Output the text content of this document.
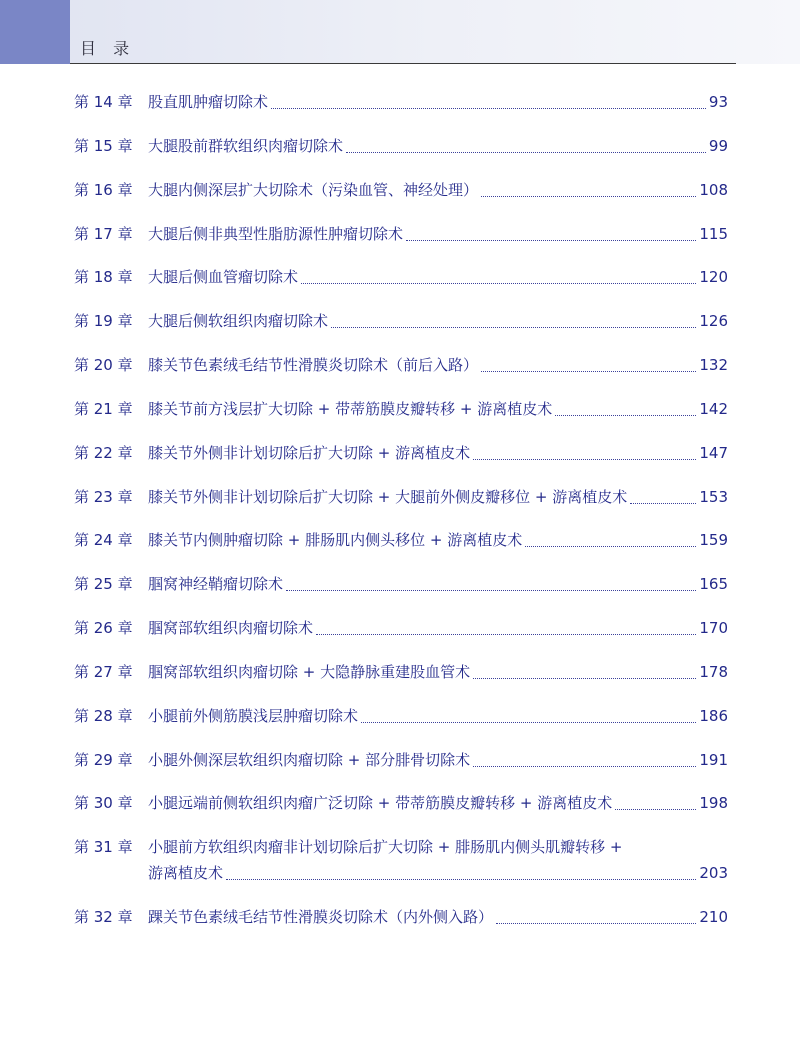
目 录
第 14 章 股直肌肿瘤切除术	93
第 15 章 大腿股前群软组织肉瘤切除术	99
第 16 章 大腿内侧深层扩大切除术（污染血管、神经处理）	108
第 17 章 大腿后侧非典型性脂肪源性肿瘤切除术	115
第 18 章 大腿后侧血管瘤切除术	120
第 19 章 大腿后侧软组织肉瘤切除术	126
第 20 章 膝关节色素绒毛结节性滑膜炎切除术（前后入路）	132
第 21 章 膝关节前方浅层扩大切除 + 带蒂筋膜皮瓣转移 + 游离植皮术	142
第 22 章 膝关节外侧非计划切除后扩大切除 + 游离植皮术	147
第 23 章 膝关节外侧非计划切除后扩大切除 + 大腿前外侧皮瓣移位 + 游离植皮术	153
第 24 章 膝关节内侧肿瘤切除 + 腓肠肌内侧头移位 + 游离植皮术	159
第 25 章 腘窝神经鞘瘤切除术	165
第 26 章 腘窝部软组织肉瘤切除术	170
第 27 章 腘窝部软组织肉瘤切除 + 大隐静脉重建股血管术	178
第 28 章 小腿前外侧筋膜浅层肿瘤切除术	186
第 29 章 小腿外侧深层软组织肉瘤切除 + 部分腓骨切除术	191
第 30 章 小腿远端前侧软组织肉瘤广泛切除 + 带蒂筋膜皮瓣转移 + 游离植皮术	198
第 31 章 小腿前方软组织肉瘤非计划切除后扩大切除 + 腓肠肌内侧头肌瓣转移 +
游离植皮术	203
第 32 章 踝关节色素绒毛结节性滑膜炎切除术（内外侧入路）	210
